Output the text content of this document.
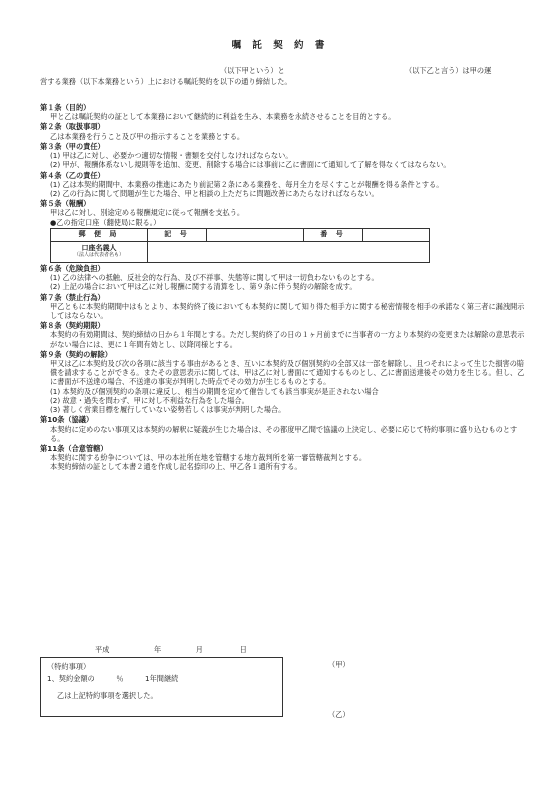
嘱 託 契 約 書
（以下甲という）と	（以下乙と言う）は甲の運
営する業務（以下本業務という）上における嘱託契約を以下の通り締結した。
第１条（目的）
甲と乙は嘱託契約の証として本業務において継続的に利益を生み、本業務を永続させることを目的とする。
第２条（取扱事項）
乙は本業務を行うこと及び甲の指示することを業務とする。
第３条（甲の責任）
(1) 甲は乙に対し、必要かつ適切な情報・書類を交付しなければならない。
(2) 甲が、報酬体系ないし規則等を追加、変更、削除する場合には事前に乙に書面にて通知して了解を得なくてはならない。
第４条（乙の責任）
(1) 乙は本契約期間中、本業務の推進にあたり前記第２条にある業務を、毎月全力を尽くすことが報酬を得る条件とする。
(2) 乙の行為に関して問題が生じた場合、甲と相談の上ただちに問題改善にあたらなければならない。
第５条（報酬）
甲は乙に対し、別途定める報酬規定に従って報酬を支払う。
●乙の指定口座（翻使局に限る。）
郵 便 局	記 号		番 号	
口座名義人
（法人は代表者名も）				

第６条（危険負担）
(1) 乙の法律への抵触、反社会的な行為、及び不祥事、失態等に関して甲は一切負わないものとする。
(2) 上記の場合において甲は乙に対し報酬に関する清算をし、第９条に伴う契約の解除を成す。
第７条（禁止行為）
甲乙ともに本契約期間中はもとより、本契約終了後においても本契約に関して知り得た相手方に関する秘密情報を相手の承諾なく第三者に漏洩開示してはならない。
第８条（契約期限）
本契約の有効期間は、契約締結の日から１年間とする。ただし契約終了の日の１ヶ月前までに当事者の一方より本契約の変更または解除の意思表示がない場合には、更に１年間有効とし、以降同様とする。
第９条（契約の解除）
甲又は乙に本契約及び次の各項に該当する事由があるとき、互いに本契約及び個別契約の全部又は一部を解除し、且つそれによって生じた損害の賠償を請求することができる。またその意思表示に関しては、甲は乙に対し書面にて通知するものとし、乙に書面送達後その効力を生じる。但し、乙に書面が不送達の場合、不送達の事実が判明した時点でその効力が生じるものとする。
(1) 本契約及び個別契約の条項に違反し、相当の期間を定めて催告しても該当事実が是正されない場合
(2) 故意・過失を問わず、甲に対し不利益な行為をした場合。
(3) 著しく営業目標を履行していない姿勢若しくは事実が判明した場合。
第10条（協議）
本契約に定めのない事項又は本契約の解釈に疑義が生じた場合は、その都度甲乙間で協議の上決定し、必要に応じて特約事項に盛り込むものとする。
第11条（合意管轄）
本契約に関する紛争については、甲の本社所在地を管轄する地方裁判所を第一審管轄裁判とする。
本契約締結の証として本書２通を作成し記名捺印の上、甲乙各１通所有する。
平成	年	月	日
（特約事項）
1、契約金額の　　　％　　　1年間継続
乙は上記特約事項を選択した。
（甲）
（乙）
